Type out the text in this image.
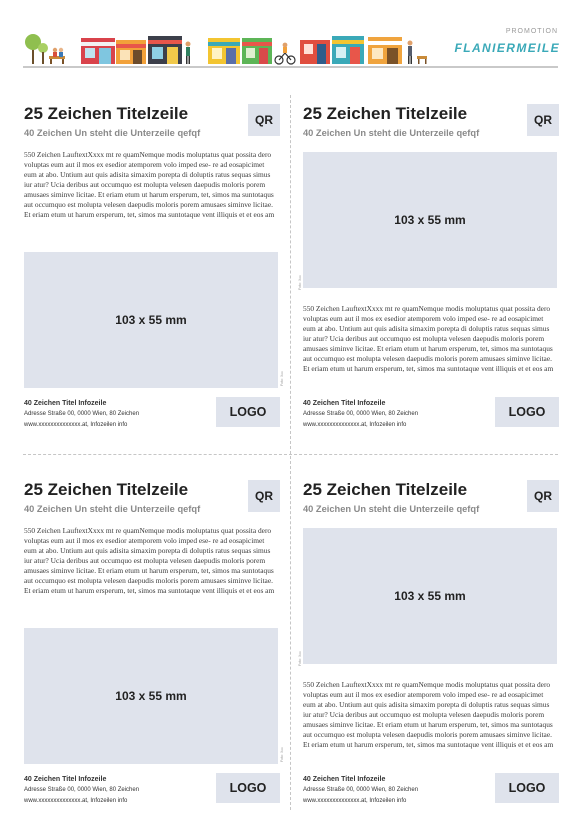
PROMOTION
FLANIERMEILE
25 Zeichen Titelzeile
40 Zeichen Un steht die Unterzeile qefqf
QR

550 Zeichen LauftextXxxx mt re quamNemque modis moluptatus quat possita dero voluptas eum aut il mos ex esedior atemporem volo imped ese- re ad eosapicimet eum at abo. Untium aut quis adisita simaxim porepta di doluptis ratus sequas simus iur atur? Ucia deribus aut occumquo est molupta velesen daepudis moloris porem amusaes siminve licitae. Et eriam etum ut harum ersperum, tet, simos ma suntotaqus aut occumquo est molupta velesen daepudis moloris porem amusaes siminve licitae. Et eriam etum ut harum ersperum, tet, simos ma suntotaque vent illiquis et et eos am

103 x 55 mm
Foto: Xxx
40 Zeichen Titel Infozeile
Adresse Straße 00, 0000 Wien, 80 Zeichen
www.xxxxxxxxxxxxxx.at, Infozeilen info
LOGO
25 Zeichen Titelzeile
40 Zeichen Un steht die Unterzeile qefqf
QR
103 x 55 mm
Foto: Xxx

550 Zeichen LauftextXxxx mt re quamNemque modis moluptatus quat possita dero voluptas eum aut il mos ex esedior atemporem volo imped ese- re ad eosapicimet eum at abo. Untium aut quis adisita simaxim porepta di doluptis ratus sequas simus iur atur? Ucia deribus aut occumquo est molupta velesen daepudis moloris porem amusaes siminve licitae. Et eriam etum ut harum ersperum, tet, simos ma suntotaqus aut occumquo est molupta velesen daepudis moloris porem amusaes siminve licitae. Et eriam etum ut harum ersperum, tet, simos ma suntotaque vent illiquis et et eos am

40 Zeichen Titel Infozeile
Adresse Straße 00, 0000 Wien, 80 Zeichen
www.xxxxxxxxxxxxxx.at, Infozeilen info
LOGO
25 Zeichen Titelzeile
40 Zeichen Un steht die Unterzeile qefqf
QR

550 Zeichen LauftextXxxx mt re quamNemque modis moluptatus quat possita dero voluptas eum aut il mos ex esedior atemporem volo imped ese- re ad eosapicimet eum at abo. Untium aut quis adisita simaxim porepta di doluptis ratus sequas simus iur atur? Ucia deribus aut occumquo est molupta velesen daepudis moloris porem amusaes siminve licitae. Et eriam etum ut harum ersperum, tet, simos ma suntotaqus aut occumquo est molupta velesen daepudis moloris porem amusaes siminve licitae. Et eriam etum ut harum ersperum, tet, simos ma suntotaque vent illiquis et et eos am

103 x 55 mm
Foto: Xxx
40 Zeichen Titel Infozeile
Adresse Straße 00, 0000 Wien, 80 Zeichen
www.xxxxxxxxxxxxxx.at, Infozeilen info
LOGO
25 Zeichen Titelzeile
40 Zeichen Un steht die Unterzeile qefqf
QR
103 x 55 mm
Foto: Xxx

550 Zeichen LauftextXxxx mt re quamNemque modis moluptatus quat possita dero voluptas eum aut il mos ex esedior atemporem volo imped ese- re ad eosapicimet eum at abo. Untium aut quis adisita simaxim porepta di doluptis ratus sequas simus iur atur? Ucia deribus aut occumquo est molupta velesen daepudis moloris porem amusaes siminve licitae. Et eriam etum ut harum ersperum, tet, simos ma suntotaqus aut occumquo est molupta velesen daepudis moloris porem amusaes siminve licitae. Et eriam etum ut harum ersperum, tet, simos ma suntotaque vent illiquis et et eos am

40 Zeichen Titel Infozeile
Adresse Straße 00, 0000 Wien, 80 Zeichen
www.xxxxxxxxxxxxxx.at, Infozeilen info
LOGO
